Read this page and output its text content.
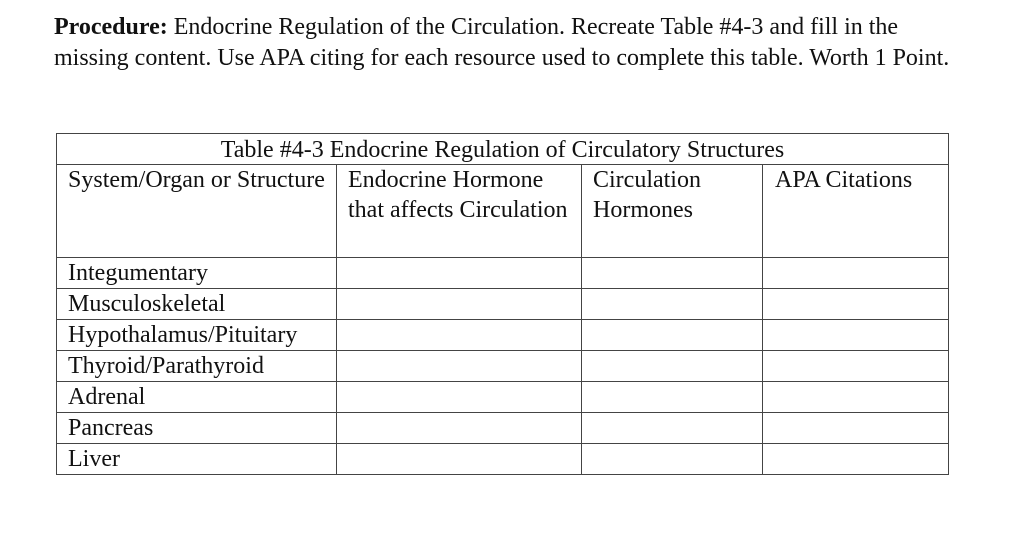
Procedure: Endocrine Regulation of the Circulation. Recreate Table #4-3 and fill in the missing content. Use APA citing for each resource used to complete this table. Worth 1 Point.

Table #4-3 Endocrine Regulation of Circulatory Structures			
System/Organ or Structure	Endocrine Hormone that affects Circulation	Circulation Hormones	APA Citations
Integumentary			
Musculoskeletal			
Hypothalamus/Pituitary			
Thyroid/Parathyroid			
Adrenal			
Pancreas			
Liver			
